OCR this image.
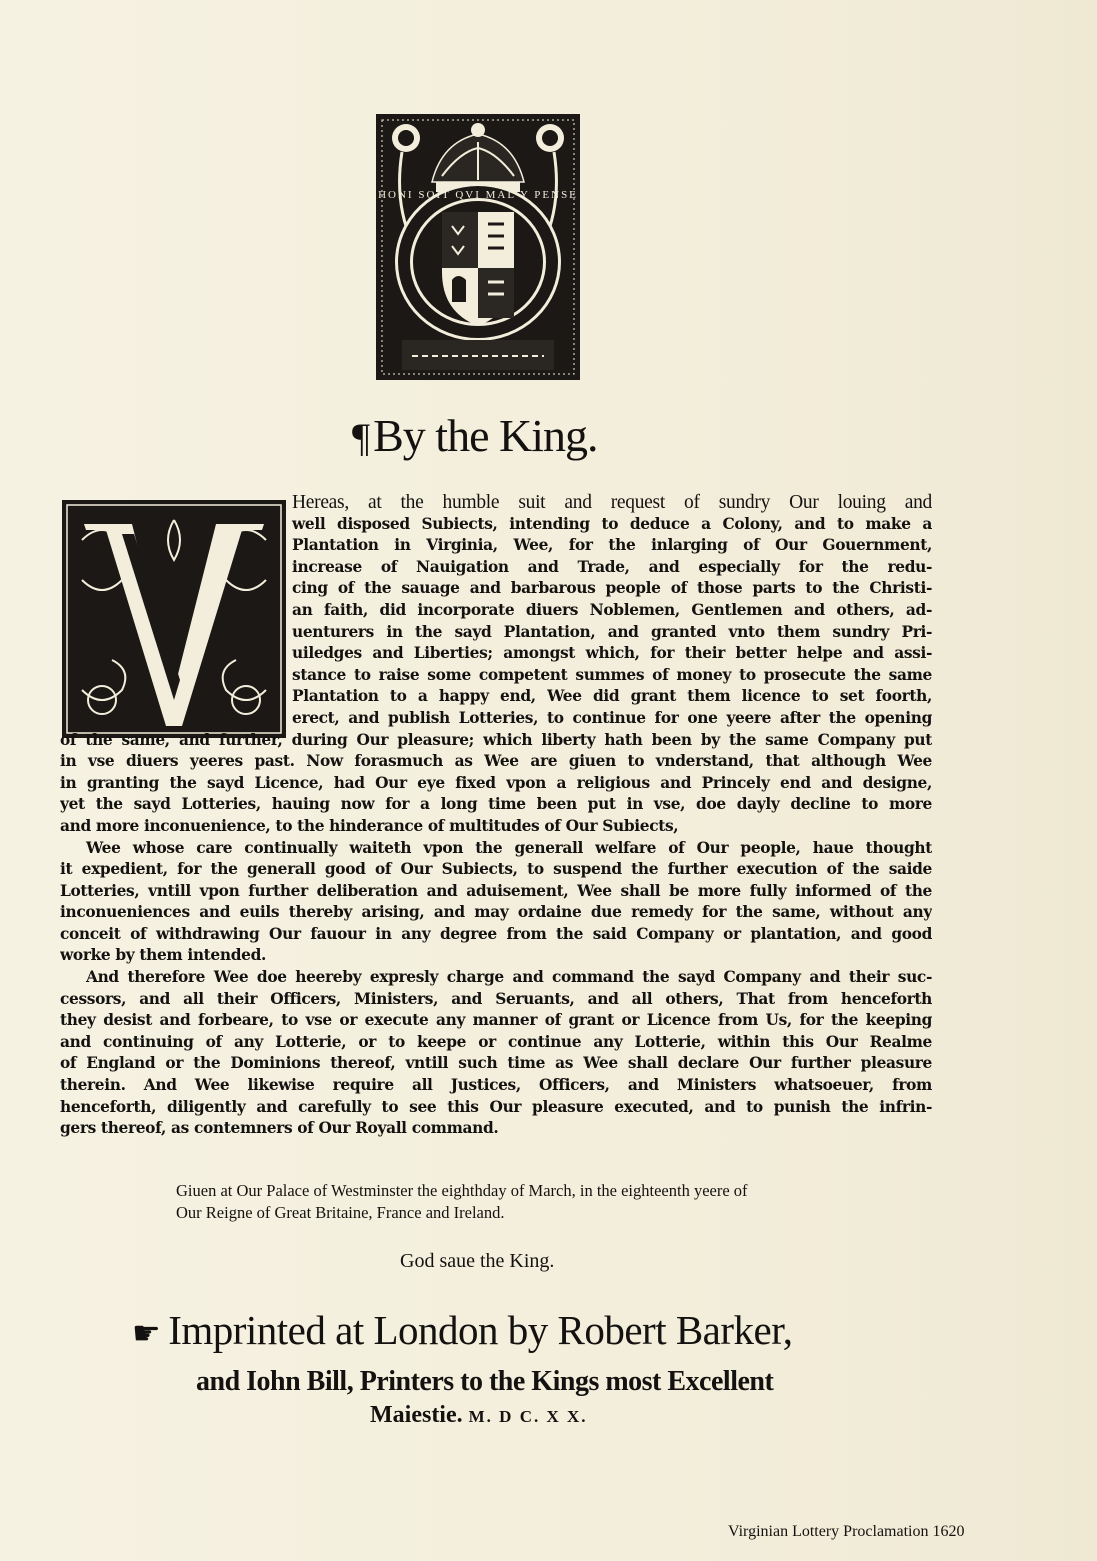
HONI SOIT QVI MAL Y PENSE
¶By the King.
V
Hereas, at the humble suit and request of sundry Our louing and
well disposed Subiects, intending to deduce a Colony, and to make a
Plantation in Virginia, Wee, for the inlarging of Our Gouernment,
increase of Nauigation and Trade, and especially for the redu-
cing of the sauage and barbarous people of those parts to the Christi-
an faith, did incorporate diuers Noblemen, Gentlemen and others, ad-
uenturers in the sayd Plantation, and granted vnto them sundry Pri-
uiledges and Liberties; amongst which, for their better helpe and assi-
stance to raise some competent summes of money to prosecute the same
Plantation to a happy end, Wee did grant them licence to set foorth,
erect, and publish Lotteries, to continue for one yeere after the opening
of the same, and further, during Our pleasure; which liberty hath been by the same Company put
in vse diuers yeeres past. Now forasmuch as Wee are giuen to vnderstand, that although Wee
in granting the sayd Licence, had Our eye fixed vpon a religious and Princely end and designe,
yet the sayd Lotteries, hauing now for a long time been put in vse, doe dayly decline to more
and more inconuenience, to the hinderance of multitudes of Our Subiects,
Wee whose care continually waiteth vpon the generall welfare of Our people, haue thought
it expedient, for the generall good of Our Subiects, to suspend the further execution of the saide
Lotteries, vntill vpon further deliberation and aduisement, Wee shall be more fully informed of the
inconueniences and euils thereby arising, and may ordaine due remedy for the same, without any
conceit of withdrawing Our fauour in any degree from the said Company or plantation, and good
worke by them intended.
And therefore Wee doe heereby expresly charge and command the sayd Company and their suc-
cessors, and all their Officers, Ministers, and Seruants, and all others, That from henceforth
they desist and forbeare, to vse or execute any manner of grant or Licence from Us, for the keeping
and continuing of any Lotterie, or to keepe or continue any Lotterie, within this Our Realme
of England or the Dominions thereof, vntill such time as Wee shall declare Our further pleasure
therein. And Wee likewise require all Justices, Officers, and Ministers whatsoeuer, from
henceforth, diligently and carefully to see this Our pleasure executed, and to punish the infrin-
gers thereof, as contemners of Our Royall command.
Giuen at Our Palace of Westminster the eighthday of March, in the eighteenth yeere of
Our Reigne of Great Britaine, France and Ireland.
God saue the King.
☛ Imprinted at London by Robert Barker,
and Iohn Bill, Printers to the Kings most Excellent
Maiestie. M. D C. X X.
Virginian Lottery Proclamation 1620
